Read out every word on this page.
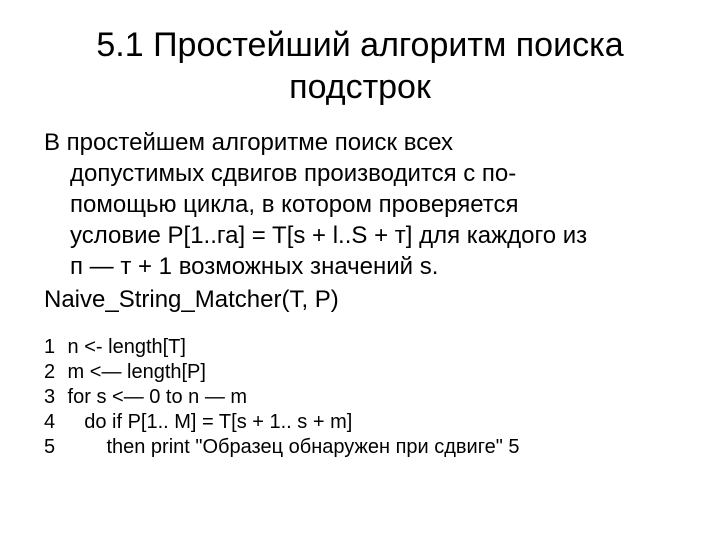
5.1 Простейший алгоритм поиска
подстрок
В простейшем алгоритме поиск всех
допустимых сдвигов производится с по-
помощью цикла, в котором проверяется
условие P[1..га] = T[s + l..S + т] для каждого из
п — т + 1 возможных значений s.
Naive_String_Matcher(T, P)
1 n <- length[T]
2 m <— length[P]
3 for s <— 0 to n — m
4 do if P[1.. M] = T[s + 1.. s + m]
5 then print "Образец обнаружен при сдвиге" 5
